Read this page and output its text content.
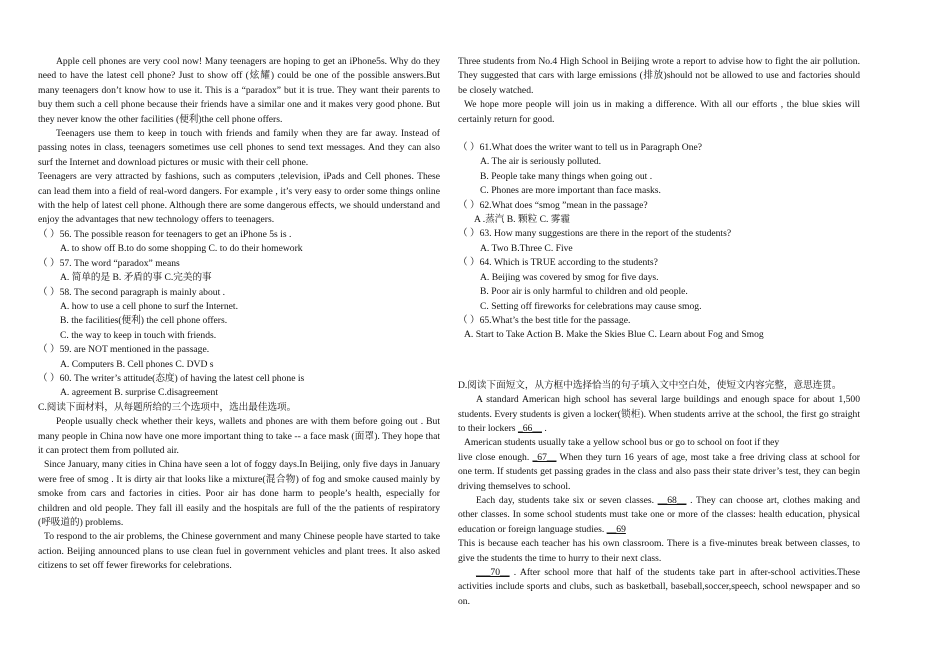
Apple cell phones are very cool now! Many teenagers are hoping to get an iPhone5s. Why do they need to have the latest cell phone? Just to show off (炫耀) could be one of the possible answers.But many teenagers don’t know how to use it. This is a “paradox” but it is true. They want their parents to buy them such a cell phone because their friends have a similar one and it makes very good phone. But they never know the other facilities (便利)the cell phone offers.

Teenagers use them to keep in touch with friends and family when they are far away. Instead of passing notes in class, teenagers sometimes use cell phones to send text messages. And they can also surf the Internet and download pictures or music with their cell phone.

Teenagers are very attracted by fashions, such as computers ,television, iPads and Cell phones. These can lead them into a field of real-word dangers. For example , it’s very easy to order some things online with the help of latest cell phone. Although there are some dangerous effects, we should understand and enjoy the advantages that new technology offers to teenagers.

（ ）56. The possible reason for teenagers to get an iPhone 5s is .

A. to show off B.to do some shopping C. to do their homework

（ ）57. The word “paradox” means

A. 简单的是 B. 矛盾的事 C.完美的事

（ ）58. The second paragraph is mainly about .

A. how to use a cell phone to surf the Internet.

B. the facilities(便利) the cell phone offers.

C. the way to keep in touch with friends.

（ ）59. are NOT mentioned in the passage.

A. Computers B. Cell phones C. DVD s

（ ）60. The writer’s attitude(态度) of having the latest cell phone is

A. agreement B. surprise C.disagreement

C.阅读下面材料，从每题所给的三个选项中，选出最佳选项。

People usually check whether their keys, wallets and phones are with them before going out . But many people in China now have one more important thing to take -- a face mask (面罩). They hope that it can protect them from polluted air.

Since January, many cities in China have seen a lot of foggy days.In Beijing, only five days in January were free of smog . It is dirty air that looks like a mixture(混合物) of fog and smoke caused mainly by smoke from cars and factories in cities. Poor air has done harm to people’s health, especially for children and old people. They fall ill easily and the hospitals are full of the the patients of respiratory (呼吸道的) problems.

To respond to the air problems, the Chinese government and many Chinese people have started to take action. Beijing announced plans to use clean fuel in government vehicles and plant trees. It also asked citizens to set off fewer fireworks for celebrations.

Three students from No.4 High School in Beijing wrote a report to advise how to fight the air pollution. They suggested that cars with large emissions (排放)should not be allowed to use and factories should be closely watched.

We hope more people will join us in making a difference. With all our efforts , the blue skies will certainly return for good.

（ ）61.What does the writer want to tell us in Paragraph One?

A. The air is seriously polluted.

B. People take many things when going out .

C. Phones are more important than face masks.

（ ）62.What does “smog ”mean in the passage?

A .蒸汽 B. 颗粒 C. 雾霾

（ ）63. How many suggestions are there in the report of the students?

A. Two B.Three C. Five

（ ）64. Which is TRUE according to the students?

A. Beijing was covered by smog for five days.

B. Poor air is only harmful to children and old people.

C. Setting off fireworks for celebrations may cause smog.

（ ）65.What’s the best title for the passage.

A. Start to Take Action B. Make the Skies Blue C. Learn about Fog and Smog

D.阅读下面短文，从方框中选择恰当的句子填入文中空白处，使短文内容完整，意思连贯。

A standard American high school has several large buildings and enough space for about 1,500 students. Every students is given a locker(锁柜). When students arrive at the school, the first go straight to their lockers _66__ .

American students usually take a yellow school bus or go to school on foot if they

live close enough. _67__ When they turn 16 years of age, most take a free driving class at school for one term. If students get passing grades in the class and also pass their state driver’s test, they can begin driving themselves to school.

Each day, students take six or seven classes. __68__ . They can choose art, clothes making and other classes. In some school students must take one or more of the classes: health education, physical education or foreign language studies. __69

This is because each teacher has his own classroom. There is a five-minutes break between classes, to give the students the time to hurry to their next class.

___70__ . After school more that half of the students take part in after-school activities.These activities include sports and clubs, such as basketball, baseball,soccer,speech, school newspaper and so on.
